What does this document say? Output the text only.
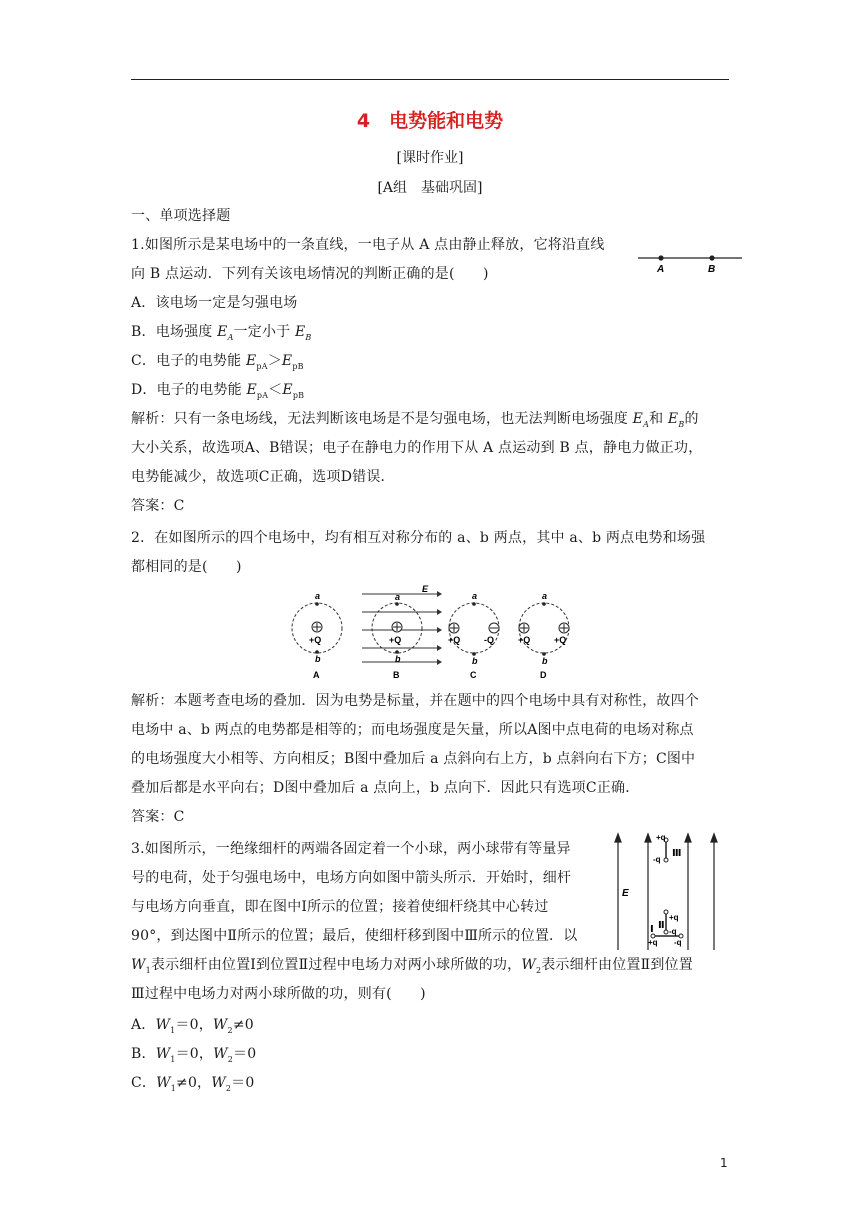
4　电势能和电势
[课时作业]
[A组　基础巩固]
一、单项选择题
1.如图所示是某电场中的一条直线，一电子从 A 点由静止释放，它将沿直线
向 B 点运动．下列有关该电场情况的判断正确的是(　　)	A	B
A．该电场一定是匀强电场
B．电场强度 $E_A$一定小于 $E_B$
C．电子的电势能 $E_{pA}>E_{pB}$
D．电子的电势能 $E_{pA}<E_{pB}$
解析：只有一条电场线，无法判断该电场是不是匀强电场，也无法判断电场强度 $E_A$和 $E_B$的
大小关系，故选项A、B错误；电子在静电力的作用下从 A 点运动到 B 点，静电力做正功，
电势能减少，故选项C正确，选项D错误．
答案：C
2．在如图所示的四个电场中，均有相互对称分布的 a、b 两点，其中 a、b 两点电势和场强
都相同的是(　　)
a
b
+Q
A
E
a
b
+Q
B
a
b
+Q	-Q
C
a
b
+Q	+Q
D
解析：本题考查电场的叠加．因为电势是标量，并在题中的四个电场中具有对称性，故四个
电场中 a、b 两点的电势都是相等的；而电场强度是矢量，所以A图中点电荷的电场对称点
的电场强度大小相等、方向相反；B图中叠加后 a 点斜向右上方，b 点斜向右下方；C图中
叠加后都是水平向右；D图中叠加后 a 点向上，b 点向下．因此只有选项C正确．
答案：C
3.如图所示，一绝缘细杆的两端各固定着一个小球，两小球带有等量异
号的电荷，处于匀强电场中，电场方向如图中箭头所示．开始时，细杆
与电场方向垂直，即在图中Ⅰ所示的位置；接着使细杆绕其中心转过
90°，到达图中Ⅱ所示的位置；最后，使细杆移到图中Ⅲ所示的位置．以
E
Ⅲ
+q
-q
Ⅱ
+q
-q
Ⅰ
+q -q
$W_1$表示细杆由位置Ⅰ到位置Ⅱ过程中电场力对两小球所做的功，$W_2$表示细杆由位置Ⅱ到位置
Ⅲ过程中电场力对两小球所做的功，则有(　　)
A．$W_1=0$，$W_2\ne 0$
B．$W_1=0$，$W_2=0$
C．$W_1\ne 0$，$W_2=0$
1
